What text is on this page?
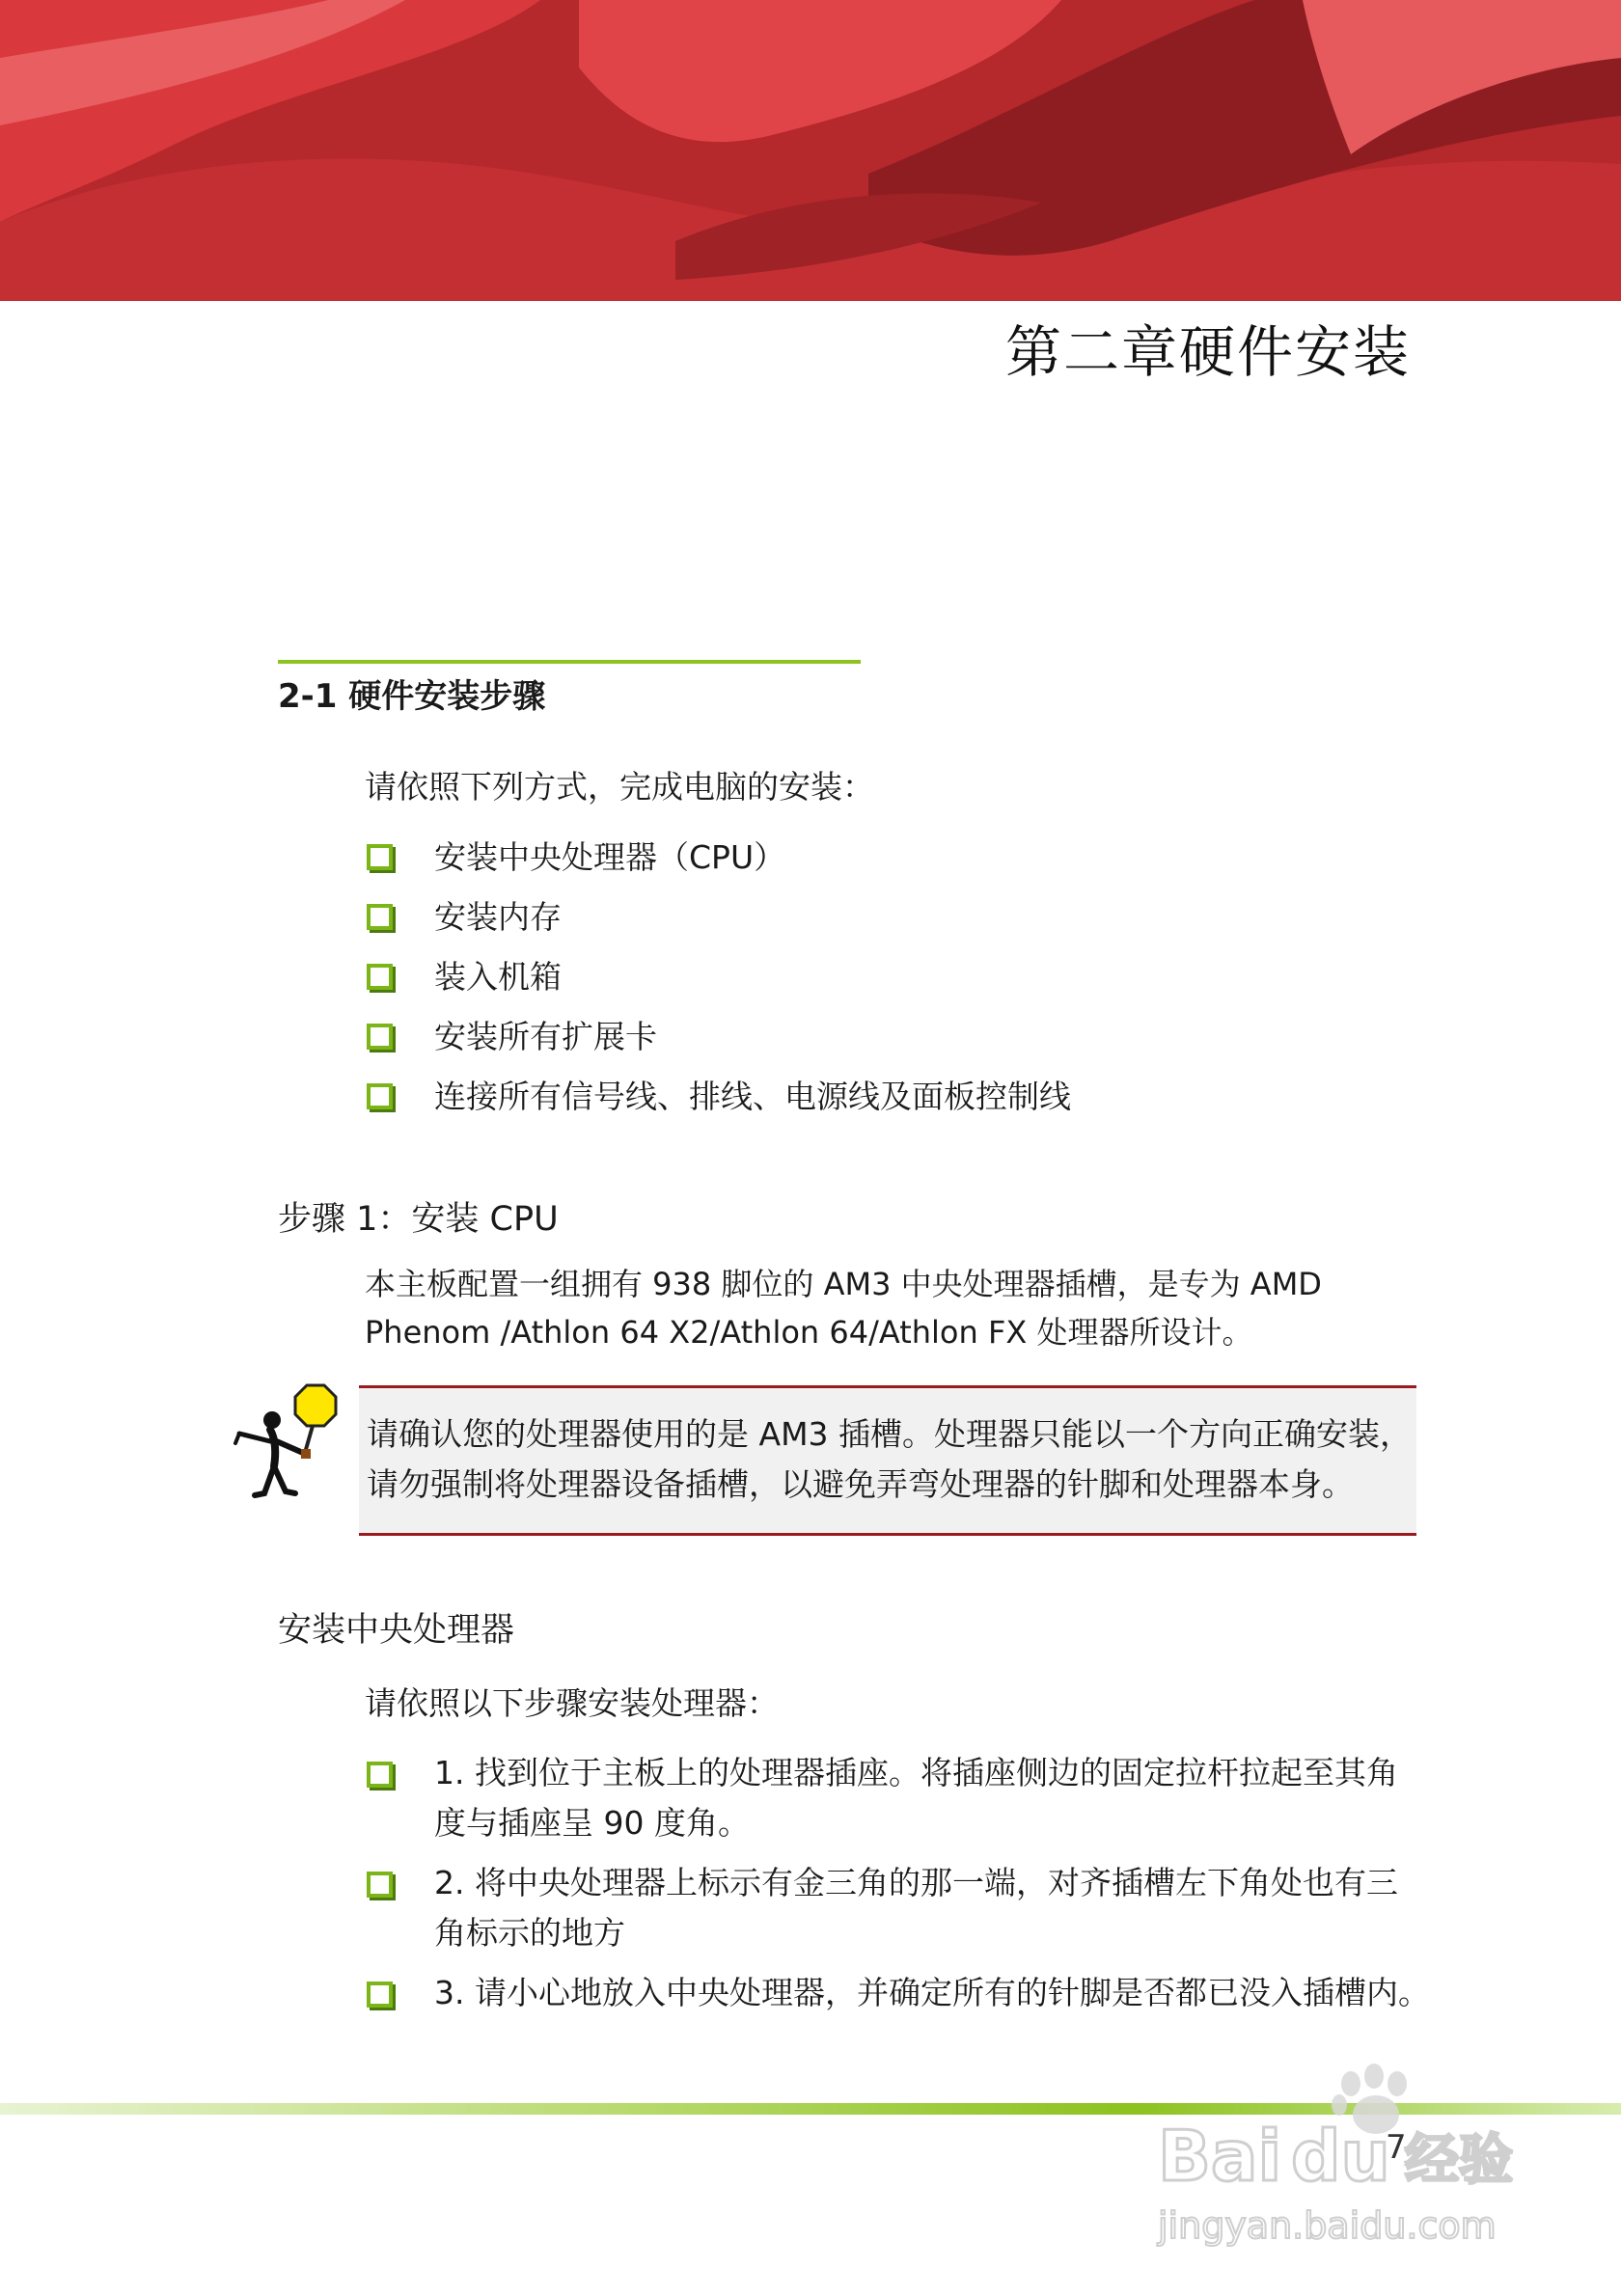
第二章硬件安装
2-1 硬件安装步骤
请依照下列方式，完成电脑的安装：
安装中央处理器（CPU）
安装内存
装入机箱
安装所有扩展卡
连接所有信号线、排线、电源线及面板控制线
步骤 1：安装 CPU
本主板配置一组拥有 938 脚位的 AM3 中央处理器插槽，是专为 AMD
Phenom /Athlon 64 X2/Athlon 64/Athlon FX 处理器所设计。
请确认您的处理器使用的是 AM3 插槽。处理器只能以一个方向正确安装，
请勿强制将处理器设备插槽，以避免弄弯处理器的针脚和处理器本身。
安装中央处理器
请依照以下步骤安装处理器：
1. 找到位于主板上的处理器插座。将插座侧边的固定拉杆拉起至其角
度与插座呈 90 度角。
2. 将中央处理器上标示有金三角的那一端，对齐插槽左下角处也有三
角标示的地方
3. 请小心地放入中央处理器，并确定所有的针脚是否都已没入插槽内。
7
Bai du 经验
jingyan.baidu.com
